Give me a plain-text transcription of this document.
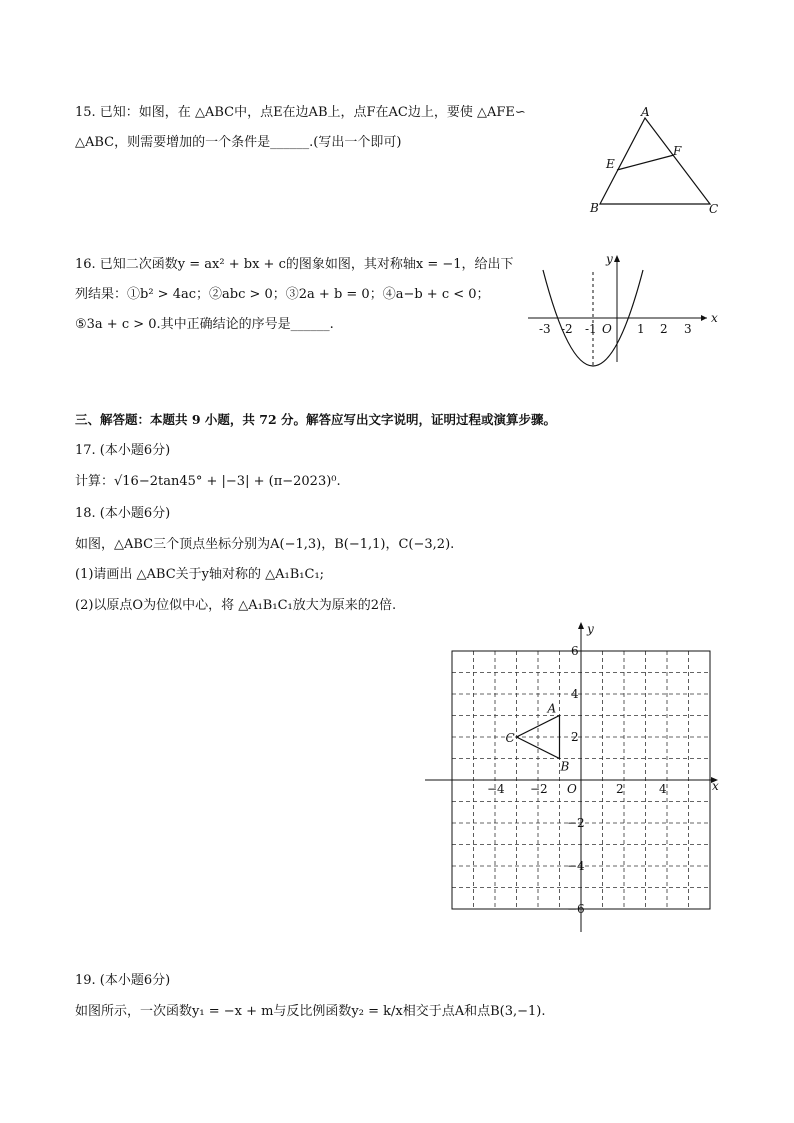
15. 已知：如图，在 △ABC中，点E在边AB上，点F在AC边上，要使 △AFE∽
△ABC，则需要增加的一个条件是______.(写出一个即可)
A
B	C
E
F
16. 已知二次函数y = ax² + bx + c的图象如图，其对称轴x = −1，给出下
列结果：①b² > 4ac；②abc > 0；③2a + b = 0；④a−b + c < 0；
⑤3a + c > 0.其中正确结论的序号是______.	x
y
-3 -2 -1 O 1 2 3
三、解答题：本题共 9 小题，共 72 分。解答应写出文字说明，证明过程或演算步骤。
17. (本小题6分)
计算：√16−2tan45° + |−3| + (π−2023)⁰.
18. (本小题6分)
如图，△ABC三个顶点坐标分别为A(−1,3)，B(−1,1)，C(−3,2).
(1)请画出 △ABC关于y轴对称的 △A₁B₁C₁;
(2)以原点O为位似中心，将 △A₁B₁C₁放大为原来的2倍.
x
y
O
−4 −2	2	4
6
4
2
−2
−4
−6
A
B
C
19. (本小题6分)
如图所示，一次函数y₁ = −x + m与反比例函数y₂ = k/x相交于点A和点B(3,−1).
